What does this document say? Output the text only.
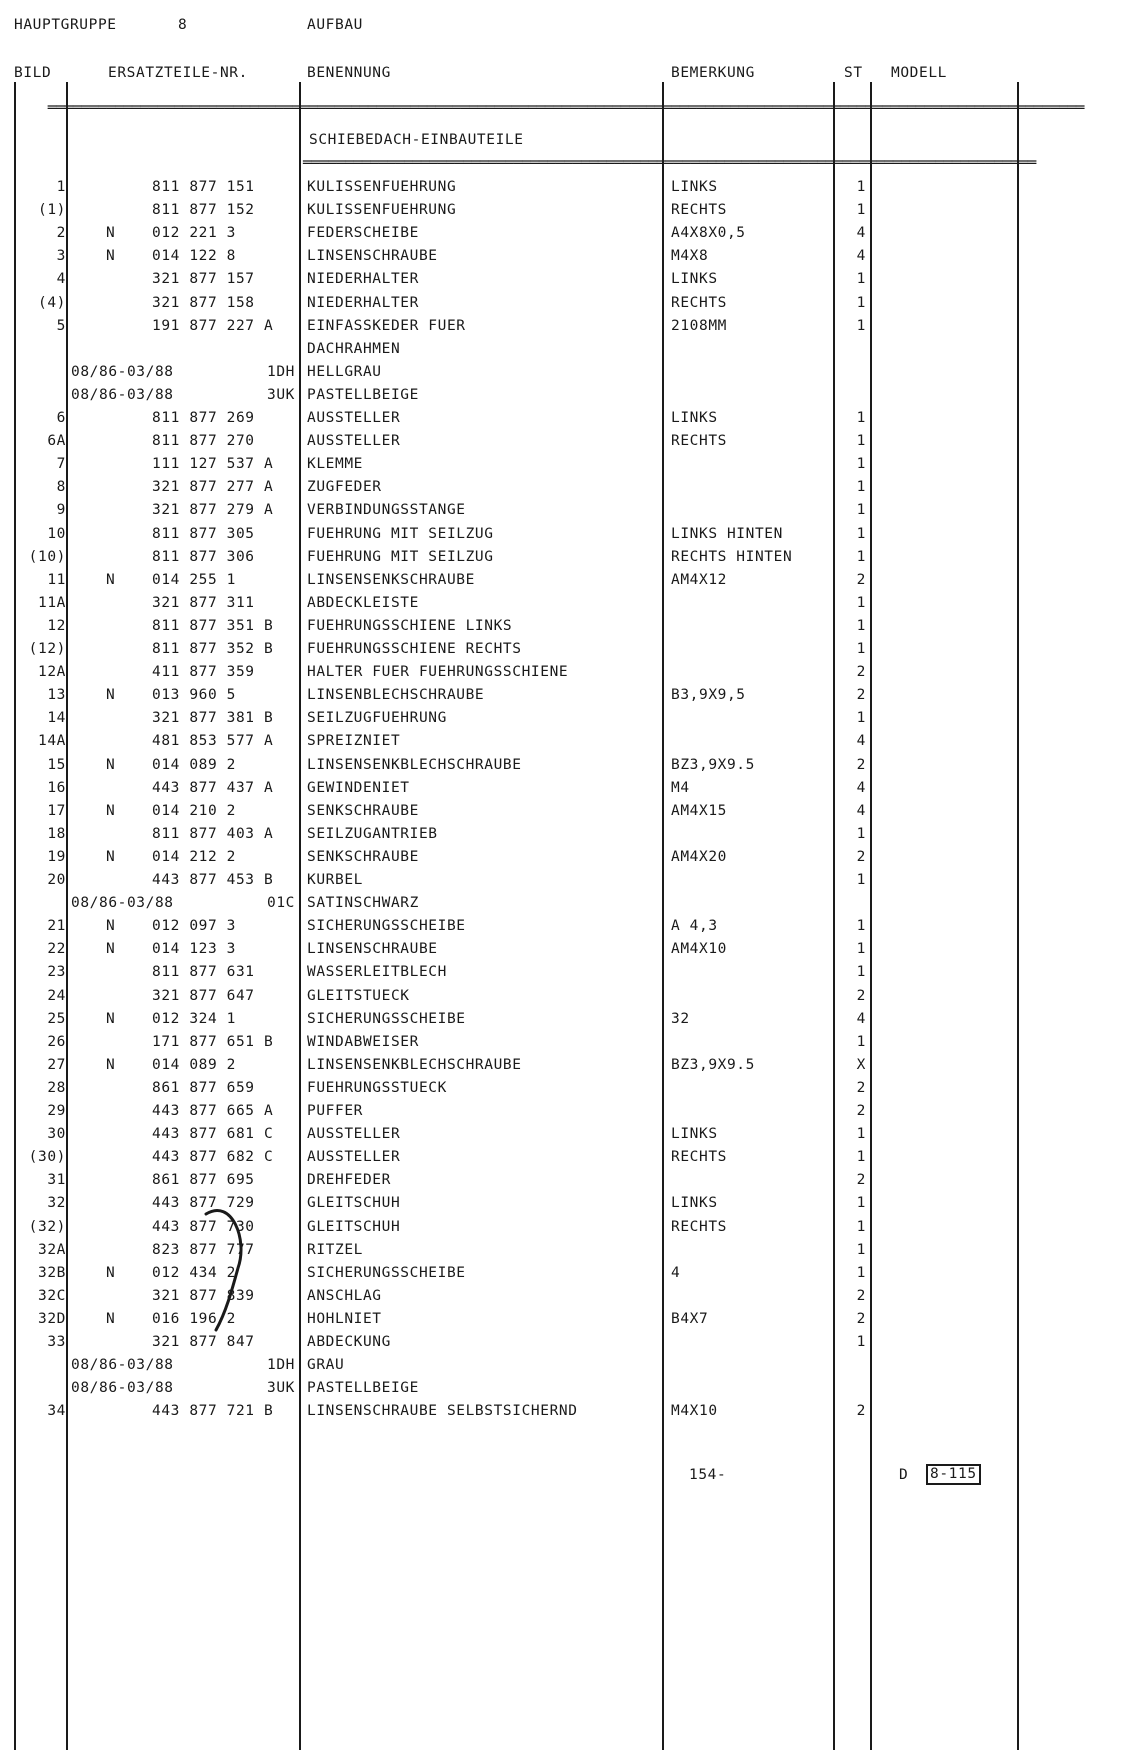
HAUPTGRUPPE	8	AUFBAU
BILD	ERSATZTEILE-NR.	BENENNUNG	BEMERKUNG	ST MODELL

═══════════════════════════════════════════════════════════════════════════════════════════════════════════════════════════

SCHIEBEDACH-EINBAUTEILE
═══════════════════════════════════════════════════════════════════════════════════════
1	811 877 151	KULISSENFUEHRUNG	LINKS	1
(1)	811 877 152	KULISSENFUEHRUNG	RECHTS	1
2	N	012 221 3	FEDERSCHEIBE	A4X8X0,5	4
3	N	014 122 8	LINSENSCHRAUBE	M4X8	4
4	321 877 157	NIEDERHALTER	LINKS	1
(4)	321 877 158	NIEDERHALTER	RECHTS	1
5	191 877 227 A EINFASSKEDER FUER	2108MM	1
DACHRAHMEN
08/86-03/88	1DH HELLGRAU
08/86-03/88	3UK PASTELLBEIGE
6	811 877 269	AUSSTELLER	LINKS	1
6A	811 877 270	AUSSTELLER	RECHTS	1
7	111 127 537 A KLEMME	1
8	321 877 277 A ZUGFEDER	1
9	321 877 279 A VERBINDUNGSSTANGE	1
10	811 877 305	FUEHRUNG MIT SEILZUG	LINKS HINTEN	1
(10)	811 877 306	FUEHRUNG MIT SEILZUG	RECHTS HINTEN	1
11	N	014 255 1	LINSENSENKSCHRAUBE	AM4X12	2
11A	321 877 311	ABDECKLEISTE	1
12	811 877 351 B FUEHRUNGSSCHIENE LINKS	1
(12)	811 877 352 B FUEHRUNGSSCHIENE RECHTS	1
12A	411 877 359	HALTER FUER FUEHRUNGSSCHIENE	2
13	N	013 960 5	LINSENBLECHSCHRAUBE	B3,9X9,5	2
14	321 877 381 B SEILZUGFUEHRUNG	1
14A	481 853 577 A SPREIZNIET	4
15	N	014 089 2	LINSENSENKBLECHSCHRAUBE	BZ3,9X9.5	2
16	443 877 437 A GEWINDENIET	M4	4
17	N	014 210 2	SENKSCHRAUBE	AM4X15	4
18	811 877 403 A SEILZUGANTRIEB	1
19	N	014 212 2	SENKSCHRAUBE	AM4X20	2
20	443 877 453 B KURBEL	1
08/86-03/88	01C SATINSCHWARZ
21	N	012 097 3	SICHERUNGSSCHEIBE	A 4,3	1
22	N	014 123 3	LINSENSCHRAUBE	AM4X10	1
23	811 877 631	WASSERLEITBLECH	1
24	321 877 647	GLEITSTUECK	2
25	N	012 324 1	SICHERUNGSSCHEIBE	32	4
26	171 877 651 B WINDABWEISER	1
27	N	014 089 2	LINSENSENKBLECHSCHRAUBE	BZ3,9X9.5	X
28	861 877 659	FUEHRUNGSSTUECK	2
29	443 877 665 A PUFFER	2
30	443 877 681 C AUSSTELLER	LINKS	1
(30)	443 877 682 C AUSSTELLER	RECHTS	1
31	861 877 695	DREHFEDER	2
32	443 877 729	GLEITSCHUH	LINKS	1
(32)	443 877 730	GLEITSCHUH	RECHTS	1
32A	823 877 777	RITZEL	1
32B	N	012 434 2	SICHERUNGSSCHEIBE	4	1
32C	321 877 839	ANSCHLAG	2
32D	N	016 196 2	HOHLNIET	B4X7	2
33	321 877 847	ABDECKUNG	1
08/86-03/88	1DH GRAU
08/86-03/88	3UK PASTELLBEIGE
34	443 877 721 B LINSENSCHRAUBE SELBSTSICHERND	M4X10	2
154-	D 8-115
